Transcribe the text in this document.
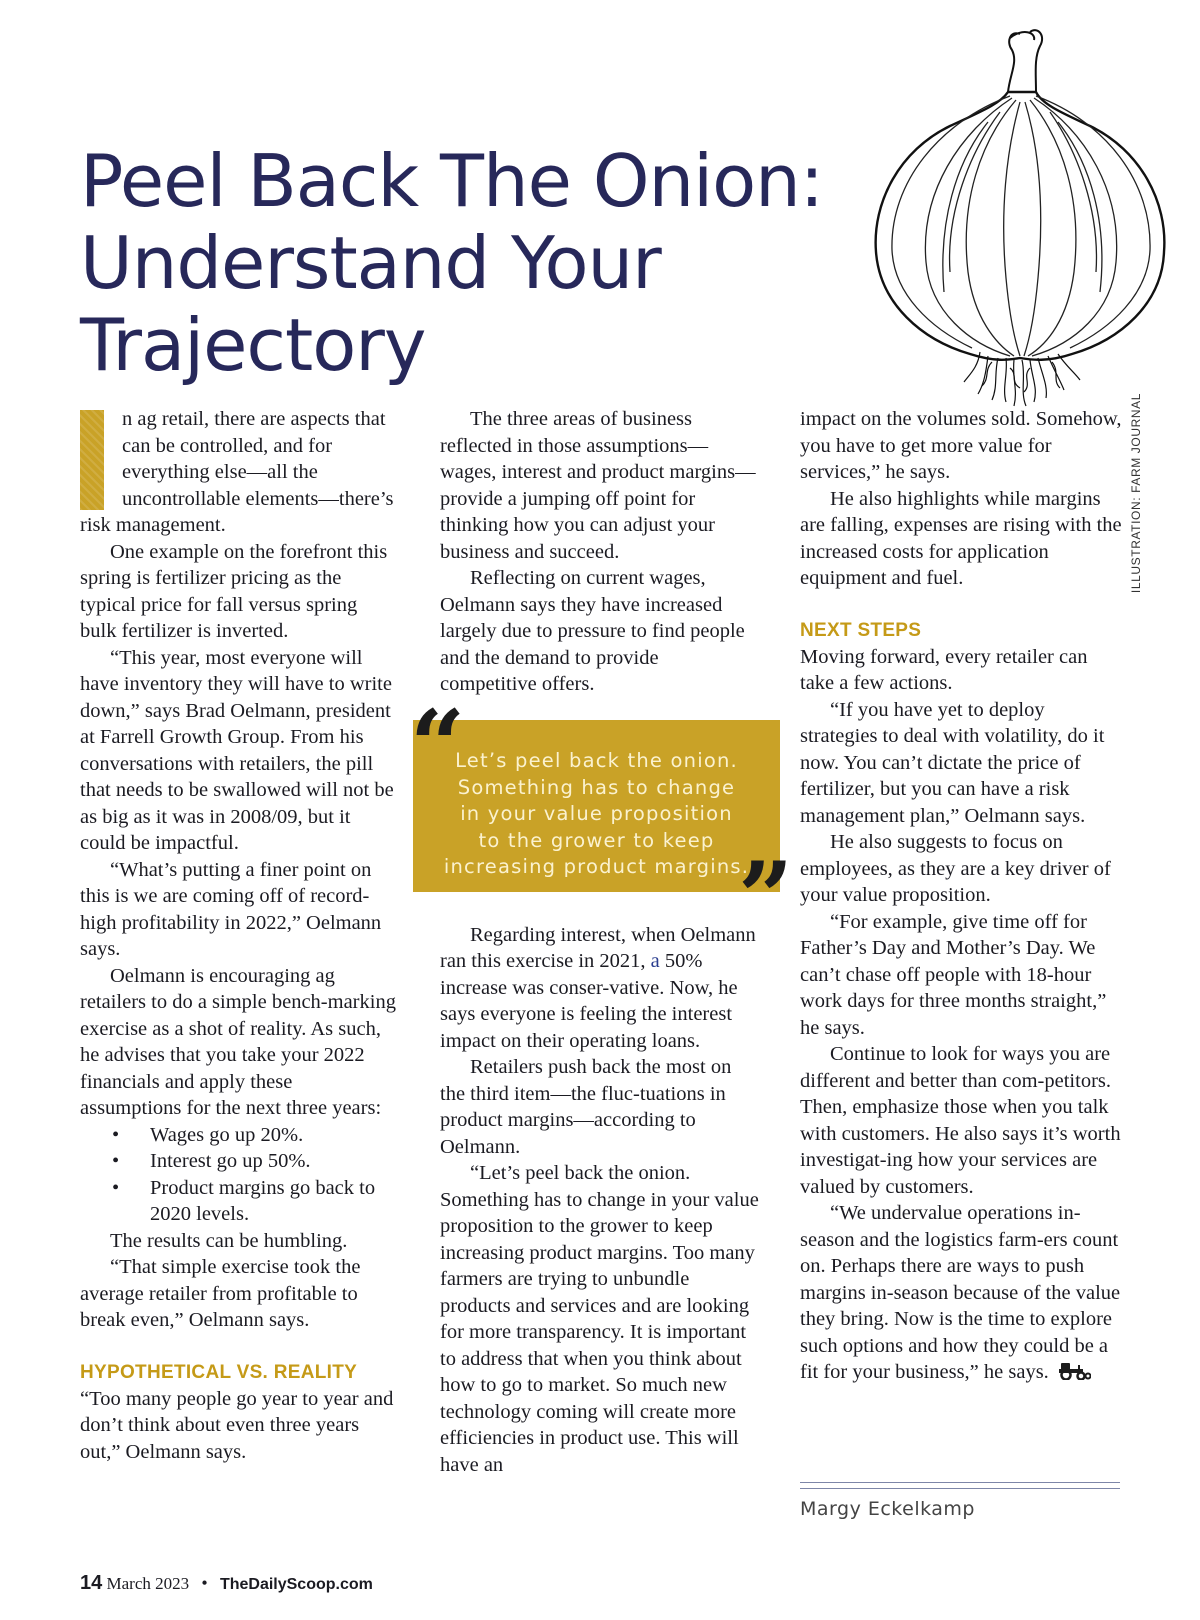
Peel Back The Onion:
Understand Your
Trajectory
ILLUSTRATION: FARM JOURNAL

n ag retail, there are aspects that can be controlled, and for everything else—all the uncontrollable elements—there’s risk management.

One example on the forefront this spring is fertilizer pricing as the typical price for fall versus spring bulk fertilizer is inverted.

“This year, most everyone will have inventory they will have to write down,” says Brad Oelmann, president at Farrell Growth Group. From his conversations with retailers, the pill that needs to be swallowed will not be as big as it was in 2008/09, but it could be impactful.

“What’s putting a finer point on this is we are coming off of record-high profitability in 2022,” Oelmann says.

Oelmann is encouraging ag retailers to do a simple bench-marking exercise as a shot of reality. As such, he advises that you take your 2022 financials and apply these assumptions for the next three years:

• Wages go up 20%.
• Interest go up 50%.
• Product margins go back to 2020 levels.

The results can be humbling.

“That simple exercise took the average retailer from profitable to break even,” Oelmann says.

HYPOTHETICAL VS. REALITY

“Too many people go year to year and don’t think about even three years out,” Oelmann says.

The three areas of business reflected in those assumptions—wages, interest and product margins—provide a jumping off point for thinking how you can adjust your business and succeed.

Reflecting on current wages, Oelmann says they have increased largely due to pressure to find people and the demand to provide competitive offers.

Regarding interest, when Oelmann ran this exercise in 2021, a 50% increase was conser-vative. Now, he says everyone is feeling the interest impact on their operating loans.

Retailers push back the most on the third item—the fluc-tuations in product margins—according to Oelmann.

“Let’s peel back the onion. Something has to change in your value proposition to the grower to keep increasing product margins. Too many farmers are trying to unbundle products and services and are looking for more transparency. It is important to address that when you think about how to go to market. So much new technology coming will create more efficiencies in product use. This will have an

Let’s peel back the onion.
Something has to change
in your value proposition
to the grower to keep
increasing product margins.
“
”

impact on the volumes sold. Somehow, you have to get more value for services,” he says.

He also highlights while margins are falling, expenses are rising with the increased costs for application equipment and fuel.

NEXT STEPS

Moving forward, every retailer can take a few actions.

“If you have yet to deploy strategies to deal with volatility, do it now. You can’t dictate the price of fertilizer, but you can have a risk management plan,” Oelmann says.

He also suggests to focus on employees, as they are a key driver of your value proposition.

“For example, give time off for Father’s Day and Mother’s Day. We can’t chase off people with 18-hour work days for three months straight,” he says.

Continue to look for ways you are different and better than com-petitors. Then, emphasize those when you talk with customers. He also says it’s worth investigat-ing how your services are valued by customers.

“We undervalue operations in-season and the logistics farm-ers count on. Perhaps there are ways to push margins in-season because of the value they bring. Now is the time to explore such options and how they could be a fit for your business,” he says.

Margy Eckelkamp
14 March 2023 • TheDailyScoop.com
